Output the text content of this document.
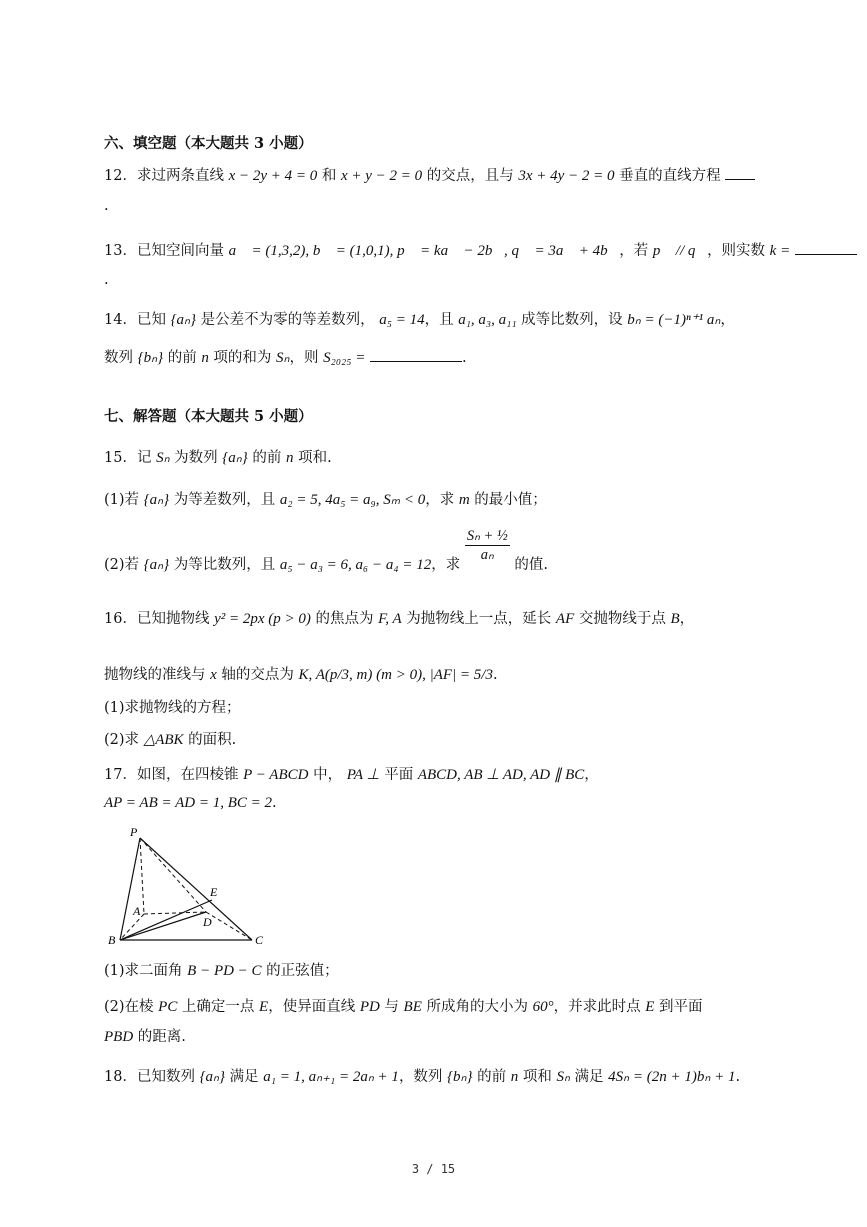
六、填空题（本大题共 3 小题）
12．求过两条直线 x − 2y + 4 = 0 和 x + y − 2 = 0 的交点，且与 3x + 4y − 2 = 0 垂直的直线方程
.
13．已知空间向量 a⃗ = (1,3,2), b⃗ = (1,0,1), p⃗ = ka⃗ − 2b⃗, q⃗ = 3a⃗ + 4b⃗，若 p⃗ // q⃗，则实数 k =
.
14．已知 {aₙ} 是公差不为零的等差数列， a₅ = 14，且 a₁, a₃, a₁₁ 成等比数列，设 bₙ = (−1)ⁿ⁺¹ aₙ，
数列 {bₙ} 的前 n 项的和为 Sₙ，则 S₂₀₂₅ =	.
七、解答题（本大题共 5 小题）
15．记 Sₙ 为数列 {aₙ} 的前 n 项和.
(1)若 {aₙ} 为等差数列，且 a₂ = 5, 4a₅ = a₉, Sₘ < 0，求 m 的最小值；
(2)若 {aₙ} 为等比数列，且 a₅ − a₃ = 6, a₆ − a₄ = 12，求
$\frac{\text{Sₙ + ½}}{\text{aₙ}}$
的值.
16．已知抛物线 y² = 2px (p > 0) 的焦点为 F, A 为抛物线上一点，延长 AF 交抛物线于点 B，
抛物线的准线与 x 轴的交点为 K, A(p/3, m) (m > 0), |AF| = 5/3.
(1)求抛物线的方程；
(2)求 △ABK 的面积.
17．如图，在四棱锥 P − ABCD 中， PA ⊥ 平面 ABCD, AB ⊥ AD, AD ∥ BC，
AP = AB = AD = 1, BC = 2.
P
A
B	C
D
E
(1)求二面角 B − PD − C 的正弦值；
(2)在棱 PC 上确定一点 E，使异面直线 PD 与 BE 所成角的大小为 60°，并求此时点 E 到平面
PBD 的距离.
18．已知数列 {aₙ} 满足 a₁ = 1, aₙ₊₁ = 2aₙ + 1，数列 {bₙ} 的前 n 项和 Sₙ 满足 4Sₙ = (2n + 1)bₙ + 1.
3 / 15
